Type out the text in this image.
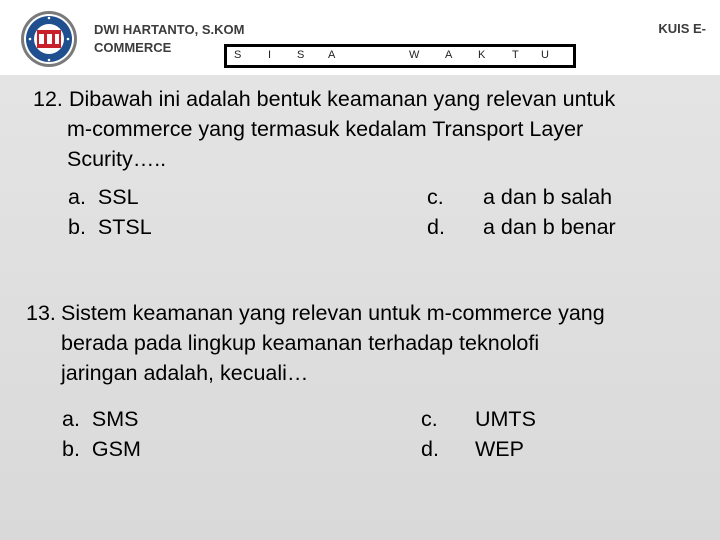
DWI HARTANTO, S.KOM
COMMERCE
KUIS E-
S I S A	W A K T U
12. Dibawah ini adalah bentuk keamanan yang relevan untuk
m-commerce yang termasuk kedalam Transport Layer
Scurity…..
a. SSL
b. STSL
c. a dan b salah
d. a dan b benar
13. Sistem keamanan yang relevan untuk m-commerce yang
berada pada lingkup keamanan terhadap teknolofi
jaringan adalah, kecuali…
a. SMS
b. GSM
c. UMTS
d. WEP
